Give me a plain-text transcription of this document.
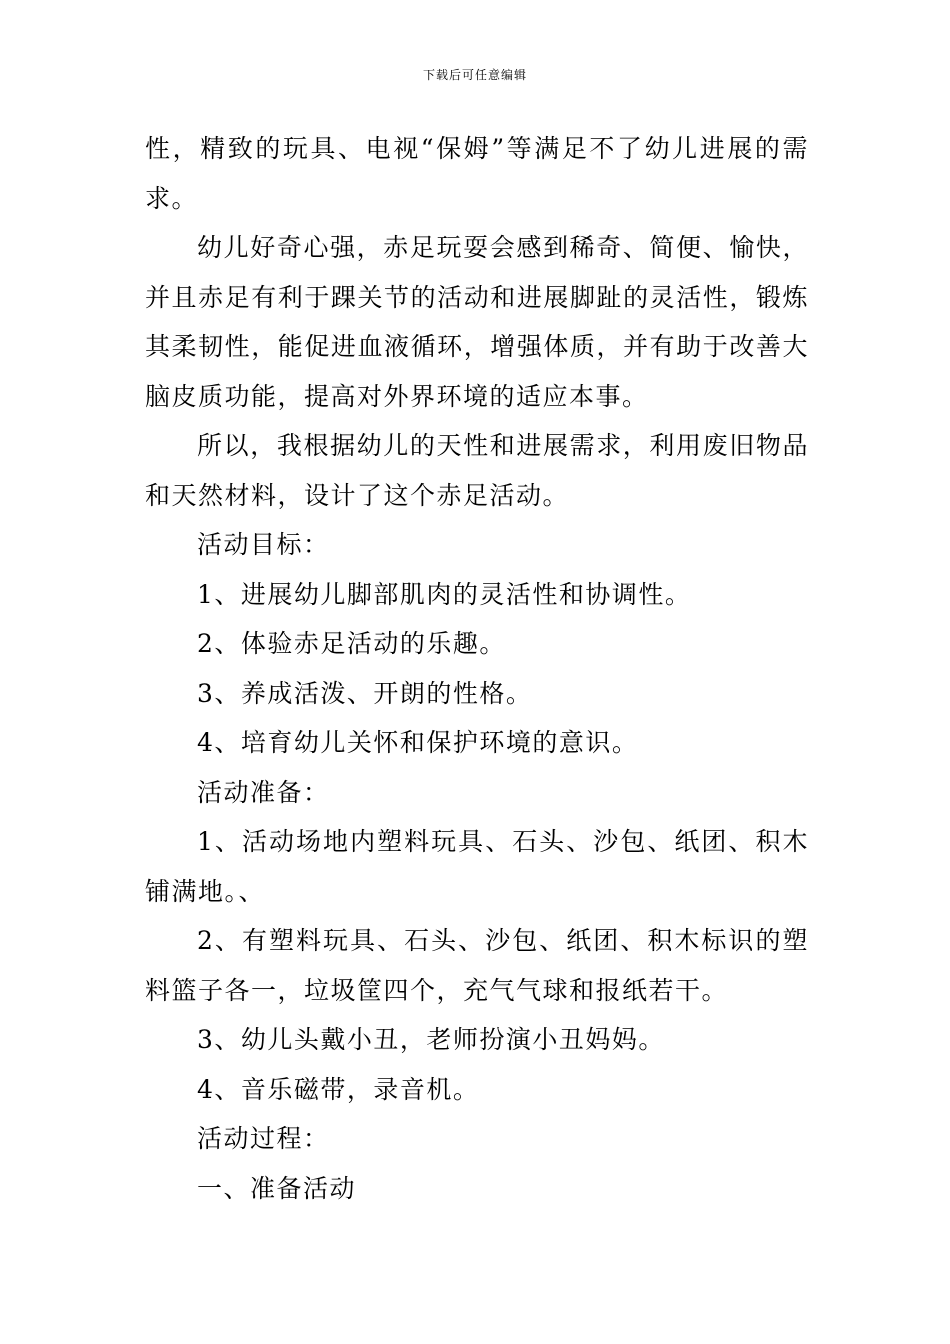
下载后可任意编辑

性，精致的玩具、电视“保姆”等满足不了幼儿进展的需求。

幼儿好奇心强，赤足玩耍会感到稀奇、简便、愉快，并且赤足有利于踝关节的活动和进展脚趾的灵活性，锻炼其柔韧性，能促进血液循环，增强体质，并有助于改善大脑皮质功能，提高对外界环境的适应本事。

所以，我根据幼儿的天性和进展需求，利用废旧物品和天然材料，设计了这个赤足活动。

活动目标：

1、进展幼儿脚部肌肉的灵活性和协调性。

2、体验赤足活动的乐趣。

3、养成活泼、开朗的性格。

4、培育幼儿关怀和保护环境的意识。

活动准备：

1、活动场地内塑料玩具、石头、沙包、纸团、积木铺满地。、

2、有塑料玩具、石头、沙包、纸团、积木标识的塑料篮子各一，垃圾筐四个，充气气球和报纸若干。

3、幼儿头戴小丑，老师扮演小丑妈妈。

4、音乐磁带，录音机。

活动过程：

一、准备活动
